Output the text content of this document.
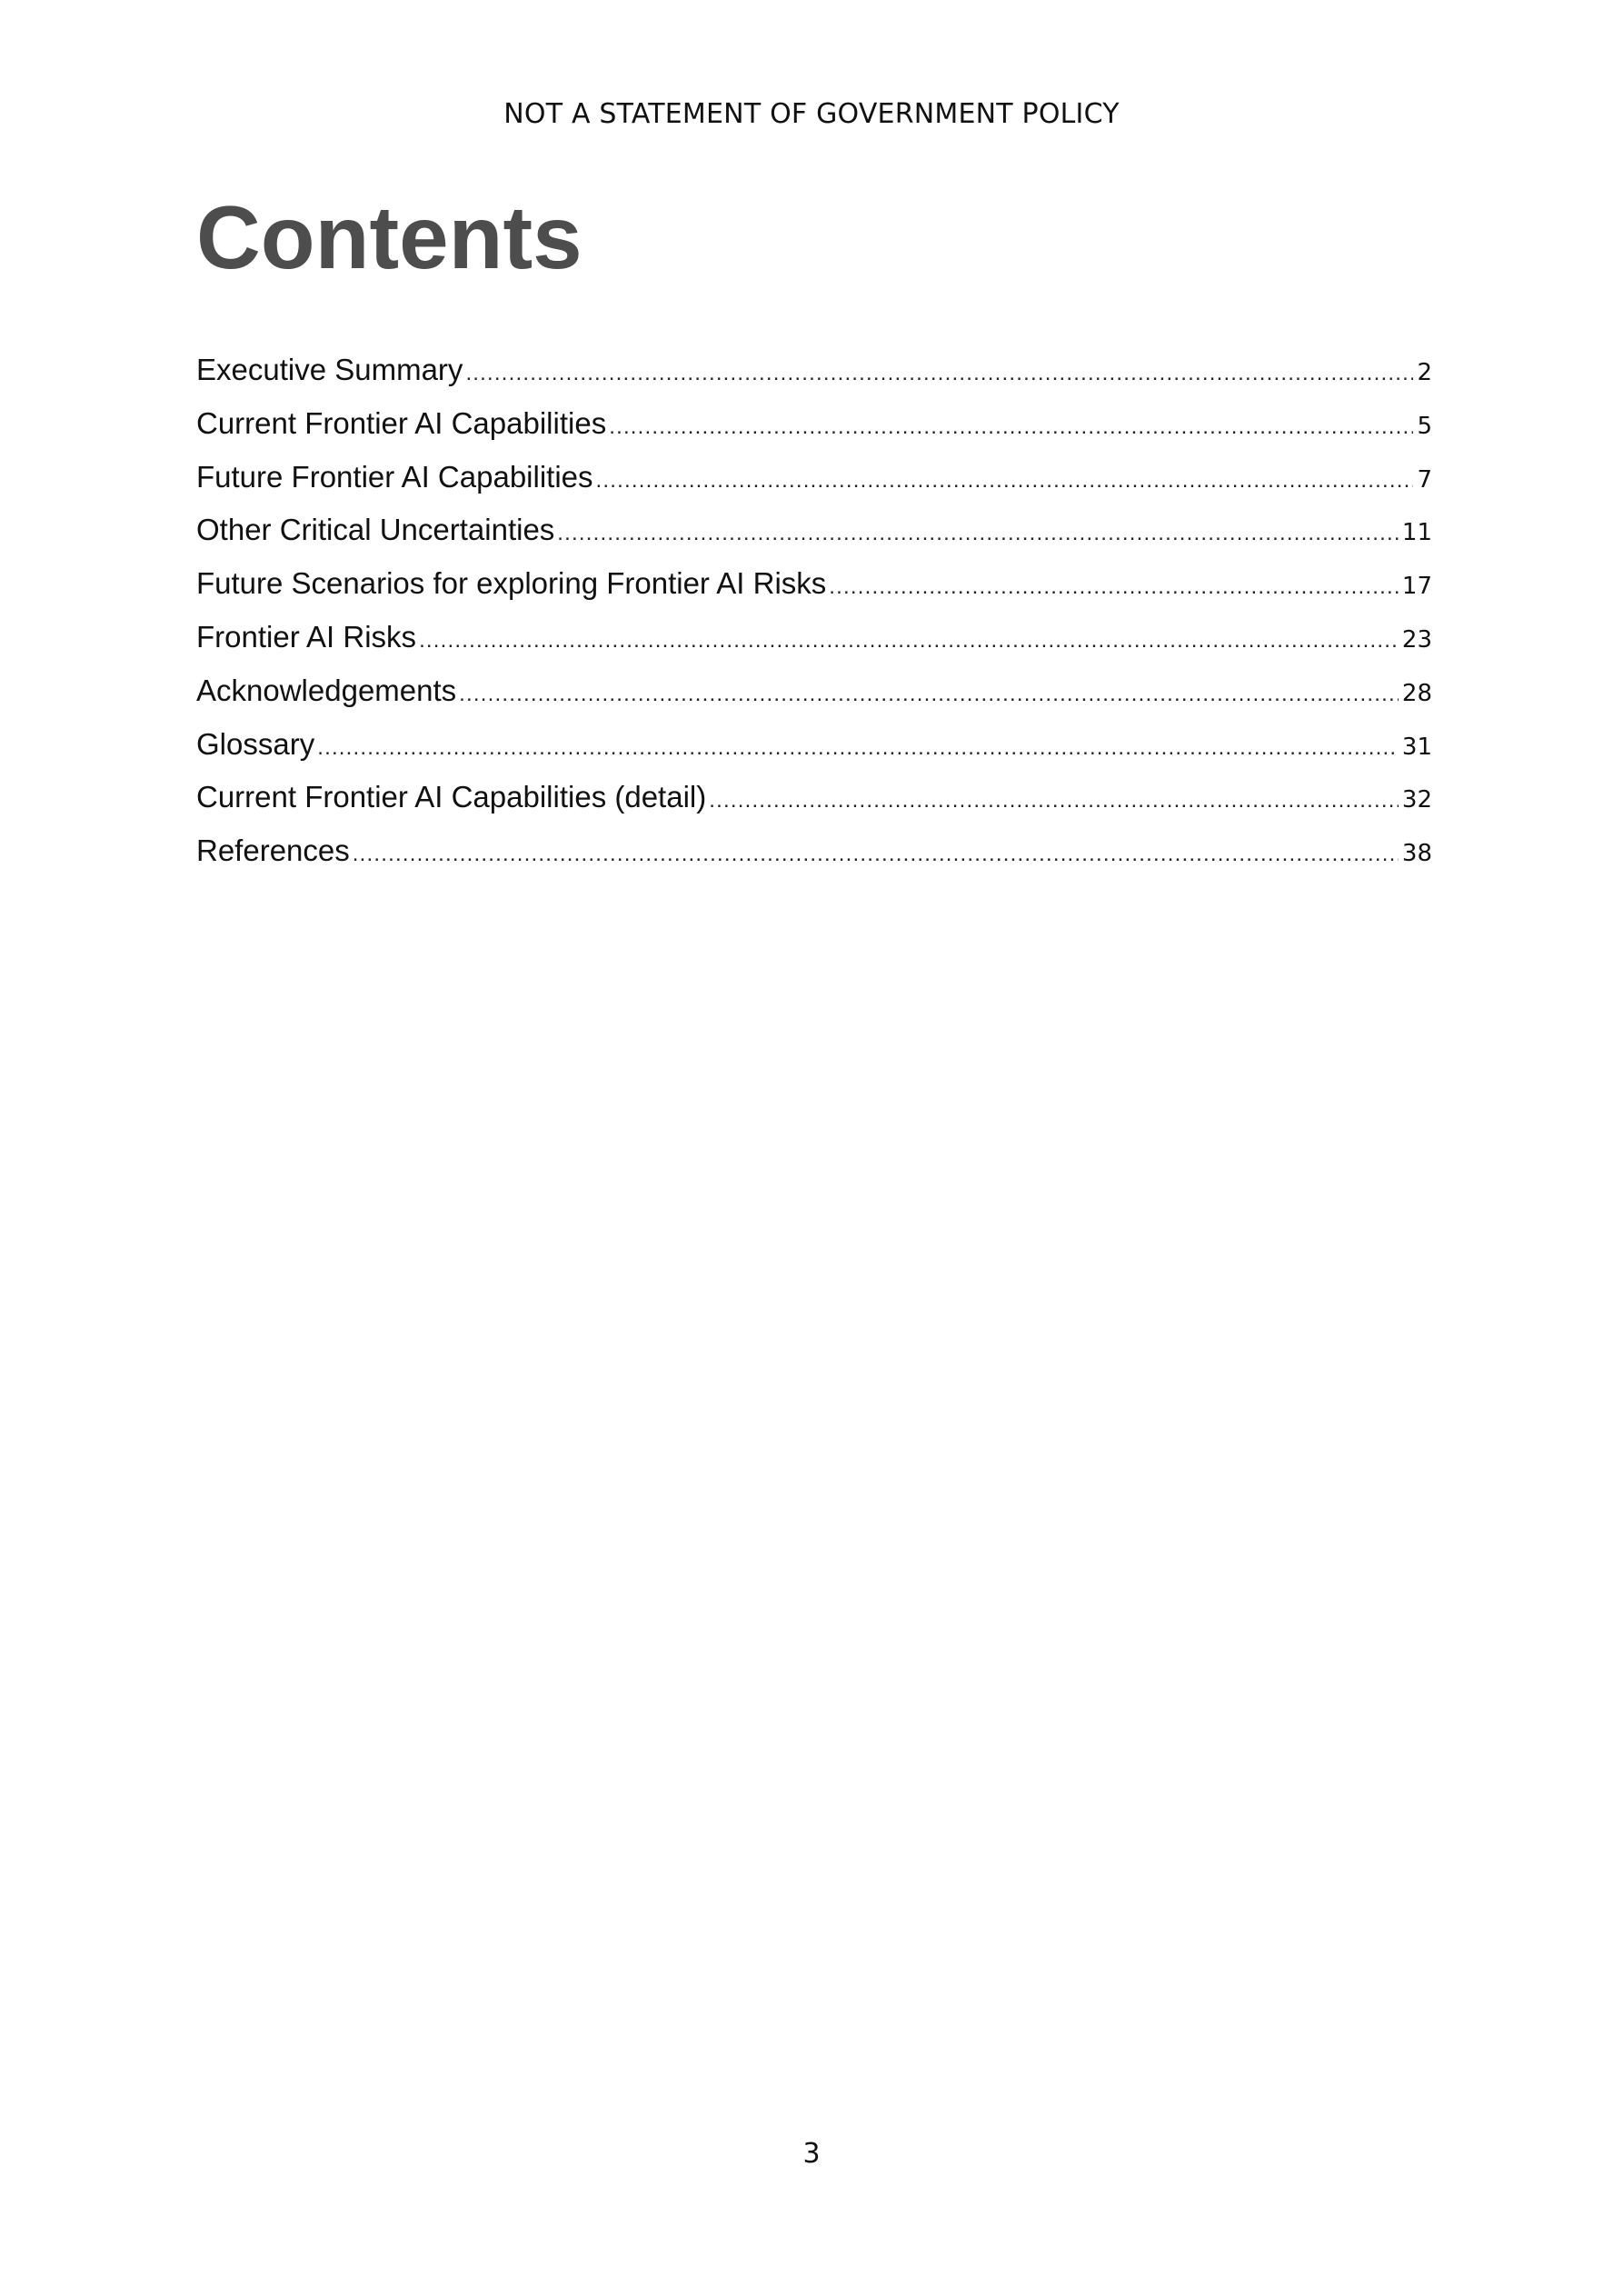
NOT A STATEMENT OF GOVERNMENT POLICY
Contents
Executive Summary .....	2
Current Frontier AI Capabilities .....	5
Future Frontier AI Capabilities .....	7
Other Critical Uncertainties .....	11
Future Scenarios for exploring Frontier AI Risks .....	17
Frontier AI Risks .....	23
Acknowledgements .....	28
Glossary .....	31
Current Frontier AI Capabilities (detail) .....	32
References .....	38
3
